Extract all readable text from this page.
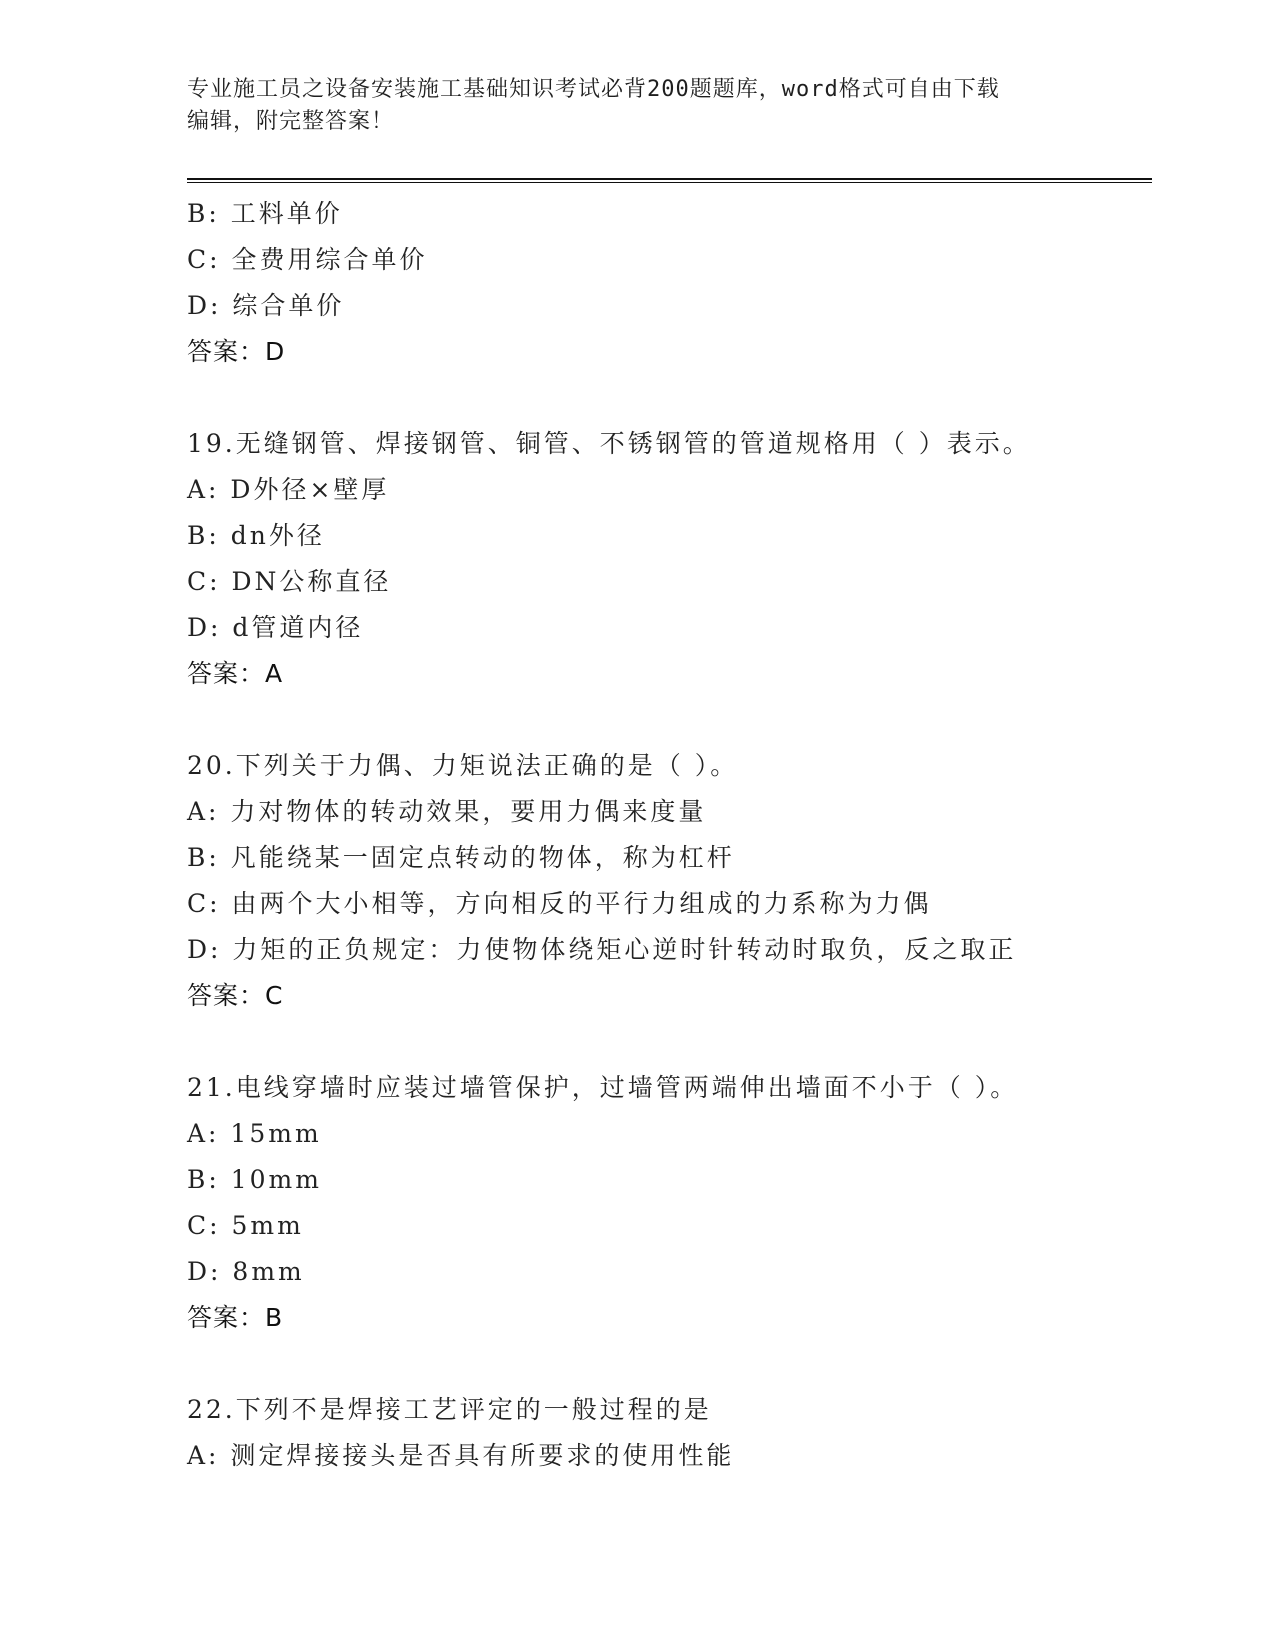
专业施工员之设备安装施工基础知识考试必背200题题库，word格式可自由下载
编辑，附完整答案！
B: 工料单价
C: 全费用综合单价
D: 综合单价
答案：D
19.无缝钢管、焊接钢管、铜管、不锈钢管的管道规格用（ ）表示。
A: D外径×壁厚
B: dn外径
C: DN公称直径
D: d管道内径
答案：A
20.下列关于力偶、力矩说法正确的是（ ）。
A: 力对物体的转动效果，要用力偶来度量
B: 凡能绕某一固定点转动的物体，称为杠杆
C: 由两个大小相等，方向相反的平行力组成的力系称为力偶
D: 力矩的正负规定：力使物体绕矩心逆时针转动时取负，反之取正
答案：C
21.电线穿墙时应装过墙管保护，过墙管两端伸出墙面不小于（ ）。
A: 15mm
B: 10mm
C: 5mm
D: 8mm
答案：B
22.下列不是焊接工艺评定的一般过程的是
A: 测定焊接接头是否具有所要求的使用性能
